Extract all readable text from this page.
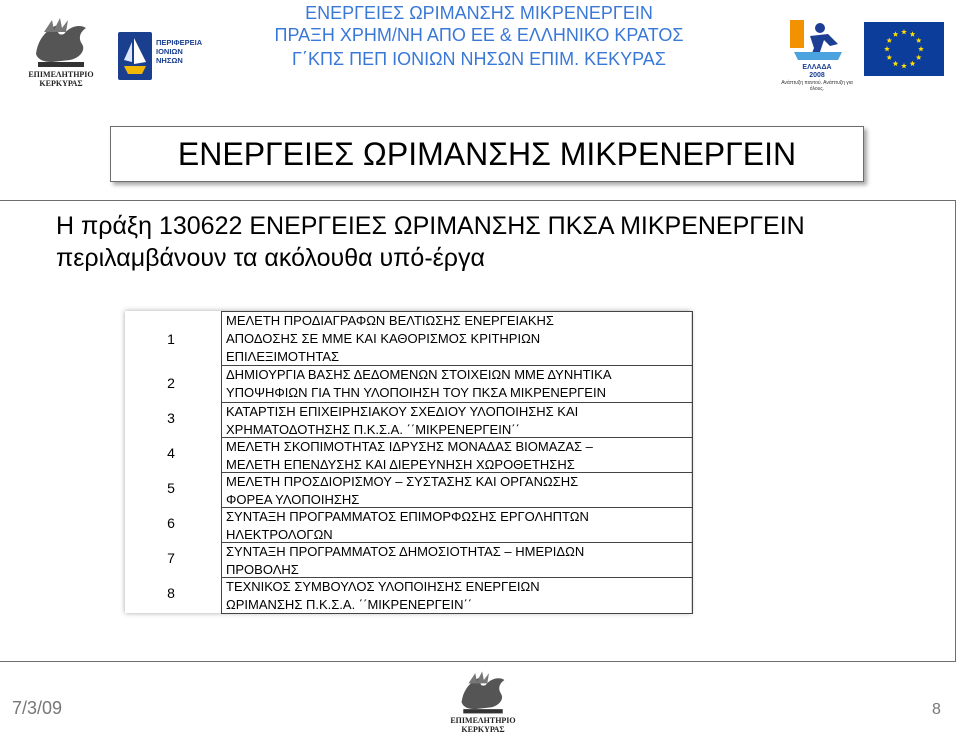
ΕΠΙΜΕΛΗΤΗΡΙΟ
ΚΕΡΚΥΡΑΣ
ΠΕΡΙΦΕΡΕΙΑ
ΙΟΝΙΩΝ
ΝΗΣΩΝ
ΕΝΕΡΓΕΙΕΣ ΩΡΙΜΑΝΣΗΣ ΜΙΚΡΕΝΕΡΓΕΙΝ
ΠΡΑΞΗ ΧΡΗΜ/ΝΗ ΑΠΟ ΕΕ & ΕΛΛΗΝΙΚΟ ΚΡΑΤΟΣ
Γ΄ΚΠΣ ΠΕΠ ΙΟΝΙΩΝ ΝΗΣΩΝ ΕΠΙΜ. ΚΕΚΥΡΑΣ	ΕΛΛΑΔΑ
2008
Ανάπτυξη παντού. Ανάπτυξη για όλους.
ΕΝΕΡΓΕΙΕΣ ΩΡΙΜΑΝΣΗΣ ΜΙΚΡΕΝΕΡΓΕΙΝ
Η πράξη 130622 ΕΝΕΡΓΕΙΕΣ ΩΡΙΜΑΝΣΗΣ ΠΚΣΑ ΜΙΚΡΕΝΕΡΓΕΙΝ
περιλαμβάνουν τα ακόλουθα υπό-έργα
1
2
3
4
5
6
7
8
ΜΕΛΕΤΗ ΠΡΟΔΙΑΓΡΑΦΩΝ ΒΕΛΤΙΩΣΗΣ ΕΝΕΡΓΕΙΑΚΗΣ
ΑΠΟΔΟΣΗΣ ΣΕ ΜΜΕ ΚΑΙ ΚΑΘΟΡΙΣΜΟΣ ΚΡΙΤΗΡΙΩΝ
ΕΠΙΛΕΞΙΜΟΤΗΤΑΣ
ΔΗΜΙΟΥΡΓΙΑ ΒΑΣΗΣ ΔΕΔΟΜΕΝΩΝ ΣΤΟΙΧΕΙΩΝ ΜΜΕ ΔΥΝΗΤΙΚΑ
ΥΠΟΨΗΦΙΩΝ ΓΙΑ ΤΗΝ ΥΛΟΠΟΙΗΣΗ ΤΟΥ ΠΚΣΑ ΜΙΚΡΕΝΕΡΓΕΙΝ
ΚΑΤΑΡΤΙΣΗ ΕΠΙΧΕΙΡΗΣΙΑΚΟΥ ΣΧΕΔΙΟΥ ΥΛΟΠΟΙΗΣΗΣ ΚΑΙ
ΧΡΗΜΑΤΟΔΟΤΗΣΗΣ Π.Κ.Σ.Α. ΄΄ΜΙΚΡΕΝΕΡΓΕΙΝ΄΄
ΜΕΛΕΤΗ ΣΚΟΠΙΜΟΤΗΤΑΣ ΙΔΡΥΣΗΣ ΜΟΝΑΔΑΣ ΒΙΟΜΑΖΑΣ –
ΜΕΛΕΤΗ ΕΠΕΝΔΥΣΗΣ ΚΑΙ ΔΙΕΡΕΥΝΗΣΗ ΧΩΡΟΘΕΤΗΣΗΣ
ΜΕΛΕΤΗ ΠΡΟΣΔΙΟΡΙΣΜΟΥ – ΣΥΣΤΑΣΗΣ ΚΑΙ ΟΡΓΑΝΩΣΗΣ
ΦΟΡΕΑ ΥΛΟΠΟΙΗΣΗΣ
ΣΥΝΤΑΞΗ ΠΡΟΓΡΑΜΜΑΤΟΣ ΕΠΙΜΟΡΦΩΣΗΣ ΕΡΓΟΛΗΠΤΩΝ
ΗΛΕΚΤΡΟΛΟΓΩΝ
ΣΥΝΤΑΞΗ ΠΡΟΓΡΑΜΜΑΤΟΣ ΔΗΜΟΣΙΟΤΗΤΑΣ – ΗΜΕΡΙΔΩΝ
ΠΡΟΒΟΛΗΣ
ΤΕΧΝΙΚΟΣ ΣΥΜΒΟΥΛΟΣ ΥΛΟΠΟΙΗΣΗΣ ΕΝΕΡΓΕΙΩΝ
ΩΡΙΜΑΝΣΗΣ Π.Κ.Σ.Α. ΄΄ΜΙΚΡΕΝΕΡΓΕΙΝ΄΄
7/3/09
ΕΠΙΜΕΛΗΤΗΡΙΟ
ΚΕΡΚΥΡΑΣ
8
